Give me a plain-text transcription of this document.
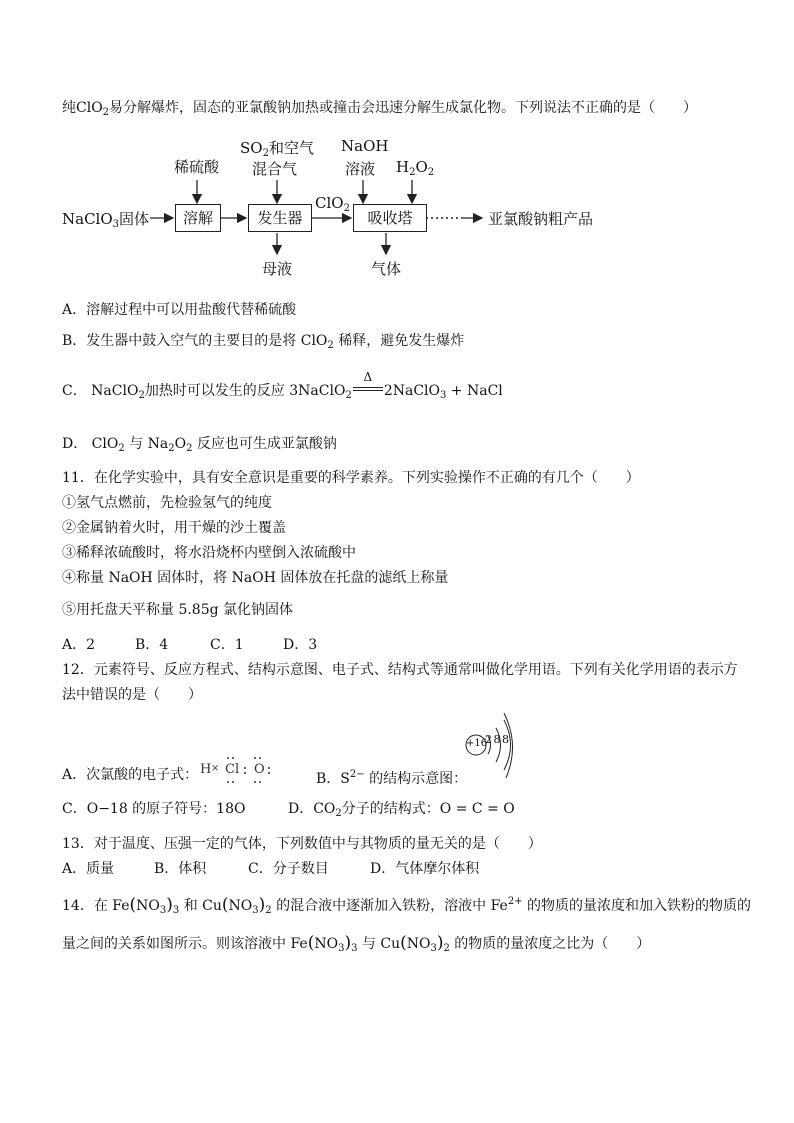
纯ClO$_2$易分解爆炸，固态的亚氯酸钠加热或撞击会迅速分解生成氯化物。下列说法不正确的是（　　）
稀硫酸
$SO_2$和空气
混合气
NaOH
溶液 $H_2O_2$
NaClO$_3$固体	溶解	发生器	吸收塔
ClO$_2$
亚氯酸钠粗产品
母液	气体
A．溶解过程中可以用盐酸代替稀硫酸
B．发生器中鼓入空气的主要目的是将 ClO$_2$ 稀释，避免发生爆炸
C． NaClO$_2$加热时可以发生的反应 3NaClO$_2$
Δ
2NaClO$_3$ + NaCl
D． ClO$_2$ 与 $Na_2O_2$ 反应也可生成亚氯酸钠
11．在化学实验中，具有安全意识是重要的科学素养。下列实验操作不正确的有几个（　　）
①氢气点燃前，先检验氢气的纯度
②金属钠着火时，用干燥的沙土覆盖
③稀释浓硫酸时，将水沿烧杯内壁倒入浓硫酸中
④称量 NaOH 固体时，将 NaOH 固体放在托盘的滤纸上称量
⑤用托盘天平称量 5.85g 氯化钠固体
A．2	B．4	C．1	D．3
12．元素符号、反应方程式、结构示意图、电子式、结构式等通常叫做化学用语。下列有关化学用语的表示方
法中错误的是（　　）
A．次氯酸的电子式： H × Cl O
B．$S^{2-}$ 的结构示意图：
+16
2 8 8
C．O−18 的原子符号：18O	D．$CO_2$分子的结构式：O = C = O
13．对于温度、压强一定的气体，下列数值中与其物质的量无关的是（　　）
A．质量	B．体积	C．分子数目	D．气体摩尔体积
14．在 $Fe(NO_3)_3$ 和 $Cu(NO_3)_2$ 的混合液中逐渐加入铁粉，溶液中 $Fe^{2+}$ 的物质的量浓度和加入铁粉的物质的
量之间的关系如图所示。则该溶液中 $Fe(NO_3)_3$ 与 $Cu(NO_3)_2$ 的物质的量浓度之比为（　　）
